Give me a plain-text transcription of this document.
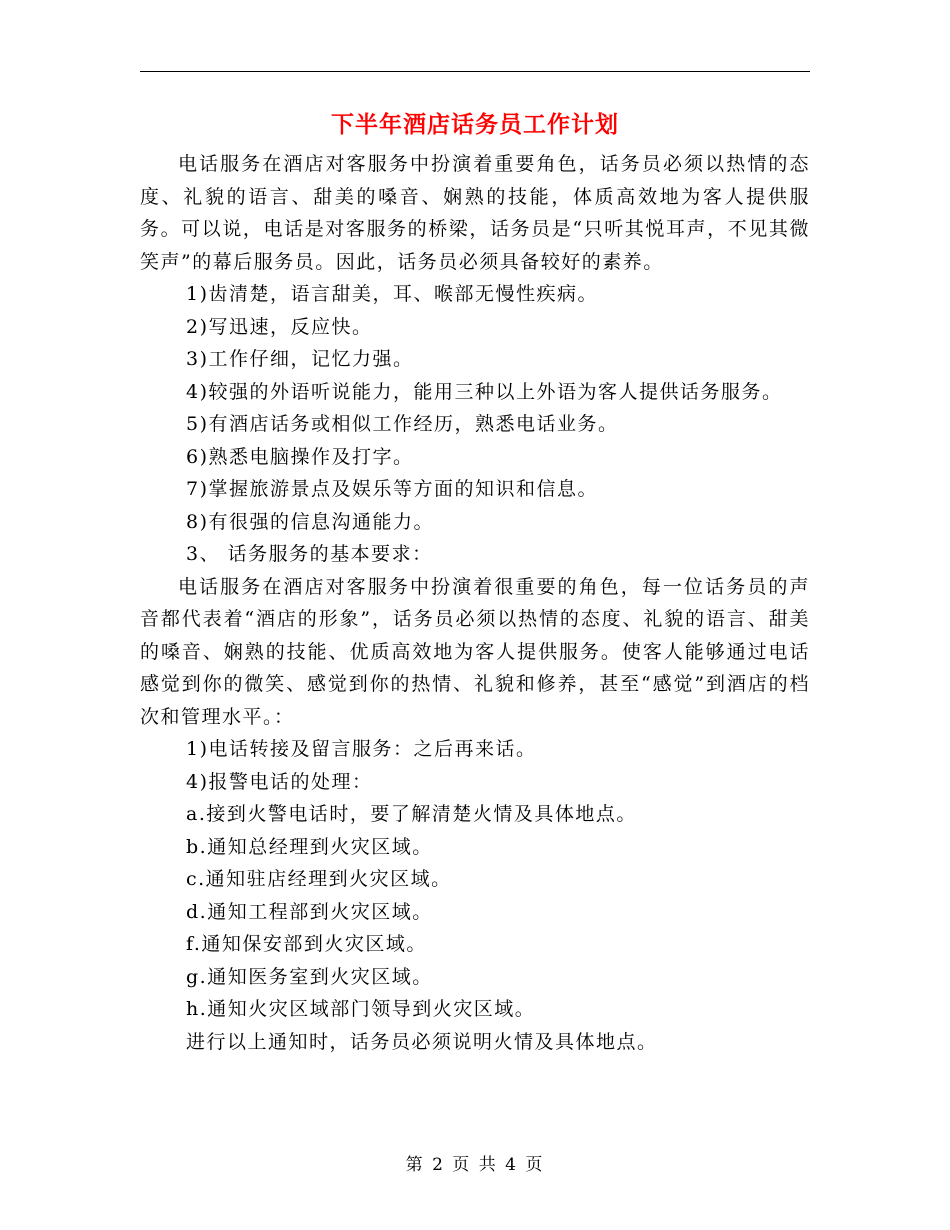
下半年酒店话务员工作计划

电话服务在酒店对客服务中扮演着重要角色，话务员必须以热情的态度、礼貌的语言、甜美的嗓音、娴熟的技能，体质高效地为客人提供服务。可以说，电话是对客服务的桥梁，话务员是“只听其悦耳声，不见其微笑声”的幕后服务员。因此，话务员必须具备较好的素养。

1)齿清楚，语言甜美，耳、喉部无慢性疾病。

2)写迅速，反应快。

3)工作仔细，记忆力强。

4)较强的外语听说能力，能用三种以上外语为客人提供话务服务。

5)有酒店话务或相似工作经历，熟悉电话业务。

6)熟悉电脑操作及打字。

7)掌握旅游景点及娱乐等方面的知识和信息。

8)有很强的信息沟通能力。

3、 话务服务的基本要求：

电话服务在酒店对客服务中扮演着很重要的角色，每一位话务员的声音都代表着“酒店的形象”，话务员必须以热情的态度、礼貌的语言、甜美的嗓音、娴熟的技能、优质高效地为客人提供服务。使客人能够通过电话感觉到你的微笑、感觉到你的热情、礼貌和修养，甚至“感觉”到酒店的档次和管理水平。：

1)电话转接及留言服务：之后再来话。

4)报警电话的处理：

a.接到火警电话时，要了解清楚火情及具体地点。

b.通知总经理到火灾区域。

c.通知驻店经理到火灾区域。

d.通知工程部到火灾区域。

f.通知保安部到火灾区域。

g.通知医务室到火灾区域。

h.通知火灾区域部门领导到火灾区域。

进行以上通知时，话务员必须说明火情及具体地点。

第 2 页 共 4 页
